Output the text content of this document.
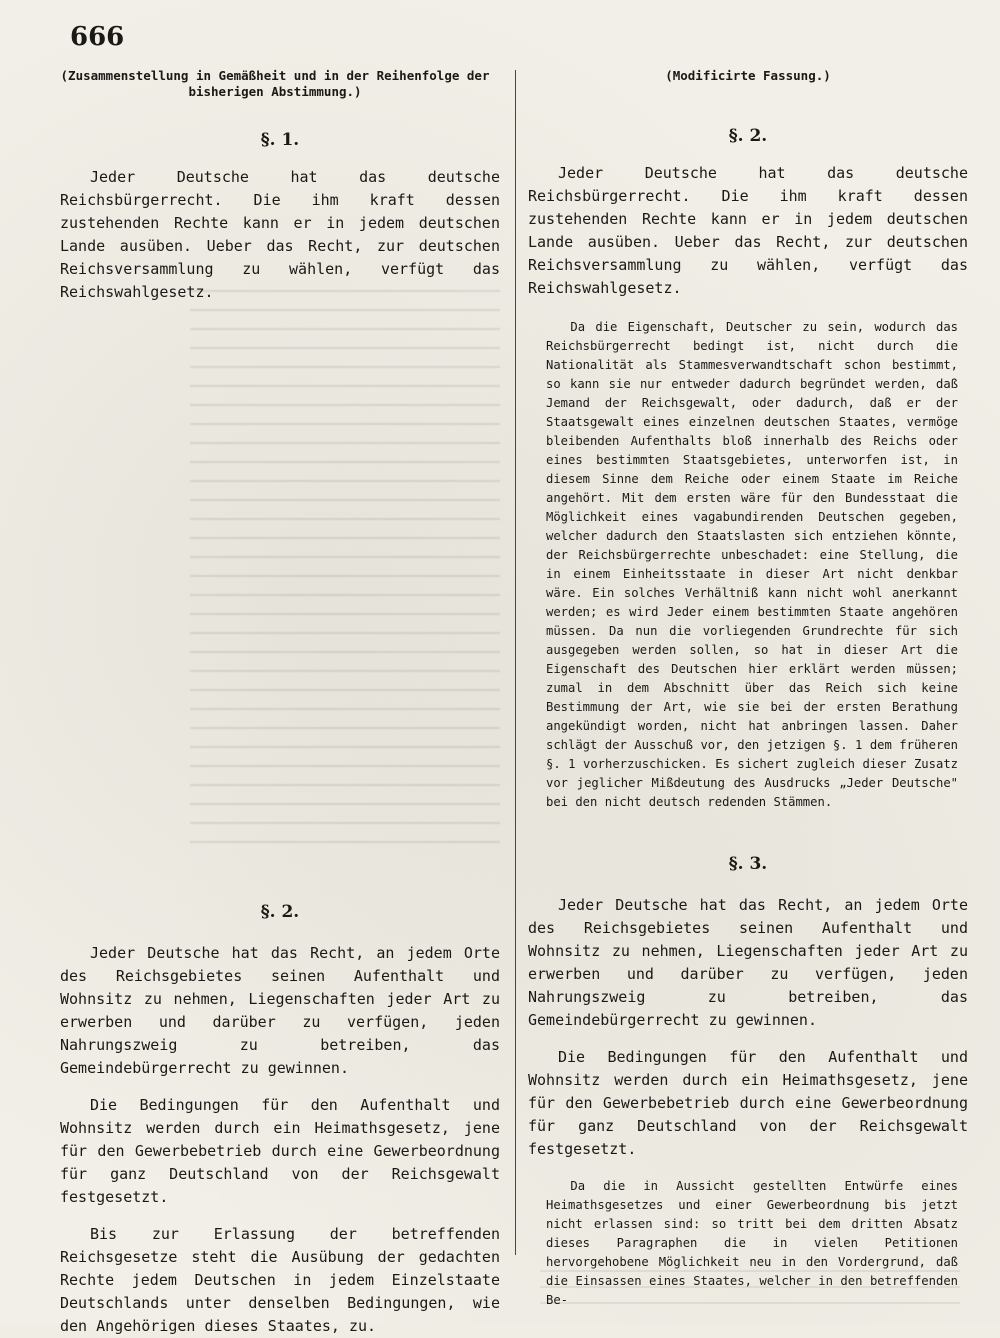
666
(Zusammenstellung in Gemäßheit und in der Reihenfolge der bisherigen Abstimmung.)
§. 1.

Jeder Deutsche hat das deutsche Reichsbürgerrecht. Die ihm kraft dessen zustehenden Rechte kann er in jedem deutschen Lande ausüben. Ueber das Recht, zur deutschen Reichsversammlung zu wählen, verfügt das Reichswahlgesetz.

§. 2.

Jeder Deutsche hat das Recht, an jedem Orte des Reichsgebietes seinen Aufenthalt und Wohnsitz zu nehmen, Liegenschaften jeder Art zu erwerben und darüber zu verfügen, jeden Nahrungszweig zu betreiben, das Gemeindebürgerrecht zu gewinnen.

Die Bedingungen für den Aufenthalt und Wohnsitz werden durch ein Heimathsgesetz, jene für den Gewerbebetrieb durch eine Gewerbeordnung für ganz Deutschland von der Reichsgewalt festgesetzt.

Bis zur Erlassung der betreffenden Reichsgesetze steht die Ausübung der gedachten Rechte jedem Deutschen in jedem Einzelstaate Deutschlands unter denselben Bedingungen, wie den Angehörigen dieses Staates, zu.

(Modificirte Fassung.)
§. 2.

Jeder Deutsche hat das deutsche Reichsbürgerrecht. Die ihm kraft dessen zustehenden Rechte kann er in jedem deutschen Lande ausüben. Ueber das Recht, zur deutschen Reichsversammlung zu wählen, verfügt das Reichswahlgesetz.

Da die Eigenschaft, Deutscher zu sein, wodurch das Reichsbürgerrecht bedingt ist, nicht durch die Nationalität als Stammesverwandtschaft schon bestimmt, so kann sie nur entweder dadurch begründet werden, daß Jemand der Reichsgewalt, oder dadurch, daß er der Staatsgewalt eines einzelnen deutschen Staates, vermöge bleibenden Aufenthalts bloß innerhalb des Reichs oder eines bestimmten Staatsgebietes, unterworfen ist, in diesem Sinne dem Reiche oder einem Staate im Reiche angehört. Mit dem ersten wäre für den Bundesstaat die Möglichkeit eines vagabundirenden Deutschen gegeben, welcher dadurch den Staatslasten sich entziehen könnte, der Reichsbürgerrechte unbeschadet: eine Stellung, die in einem Einheitsstaate in dieser Art nicht denkbar wäre. Ein solches Verhältniß kann nicht wohl anerkannt werden; es wird Jeder einem bestimmten Staate angehören müssen. Da nun die vorliegenden Grundrechte für sich ausgegeben werden sollen, so hat in dieser Art die Eigenschaft des Deutschen hier erklärt werden müssen; zumal in dem Abschnitt über das Reich sich keine Bestimmung der Art, wie sie bei der ersten Berathung angekündigt worden, nicht hat anbringen lassen. Daher schlägt der Ausschuß vor, den jetzigen §. 1 dem früheren §. 1 vorherzuschicken. Es sichert zugleich dieser Zusatz vor jeglicher Mißdeutung des Ausdrucks „Jeder Deutsche" bei den nicht deutsch redenden Stämmen.

§. 3.

Jeder Deutsche hat das Recht, an jedem Orte des Reichsgebietes seinen Aufenthalt und Wohnsitz zu nehmen, Liegenschaften jeder Art zu erwerben und darüber zu verfügen, jeden Nahrungszweig zu betreiben, das Gemeindebürgerrecht zu gewinnen.

Die Bedingungen für den Aufenthalt und Wohnsitz werden durch ein Heimathsgesetz, jene für den Gewerbebetrieb durch eine Gewerbeordnung für ganz Deutschland von der Reichsgewalt festgesetzt.

Da die in Aussicht gestellten Entwürfe eines Heimathsgesetzes und einer Gewerbeordnung bis jetzt nicht erlassen sind: so tritt bei dem dritten Absatz dieses Paragraphen die in vielen Petitionen hervorgehobene Möglichkeit neu in den Vordergrund, daß die Einsassen eines Staates, welcher in den betreffenden Be-
